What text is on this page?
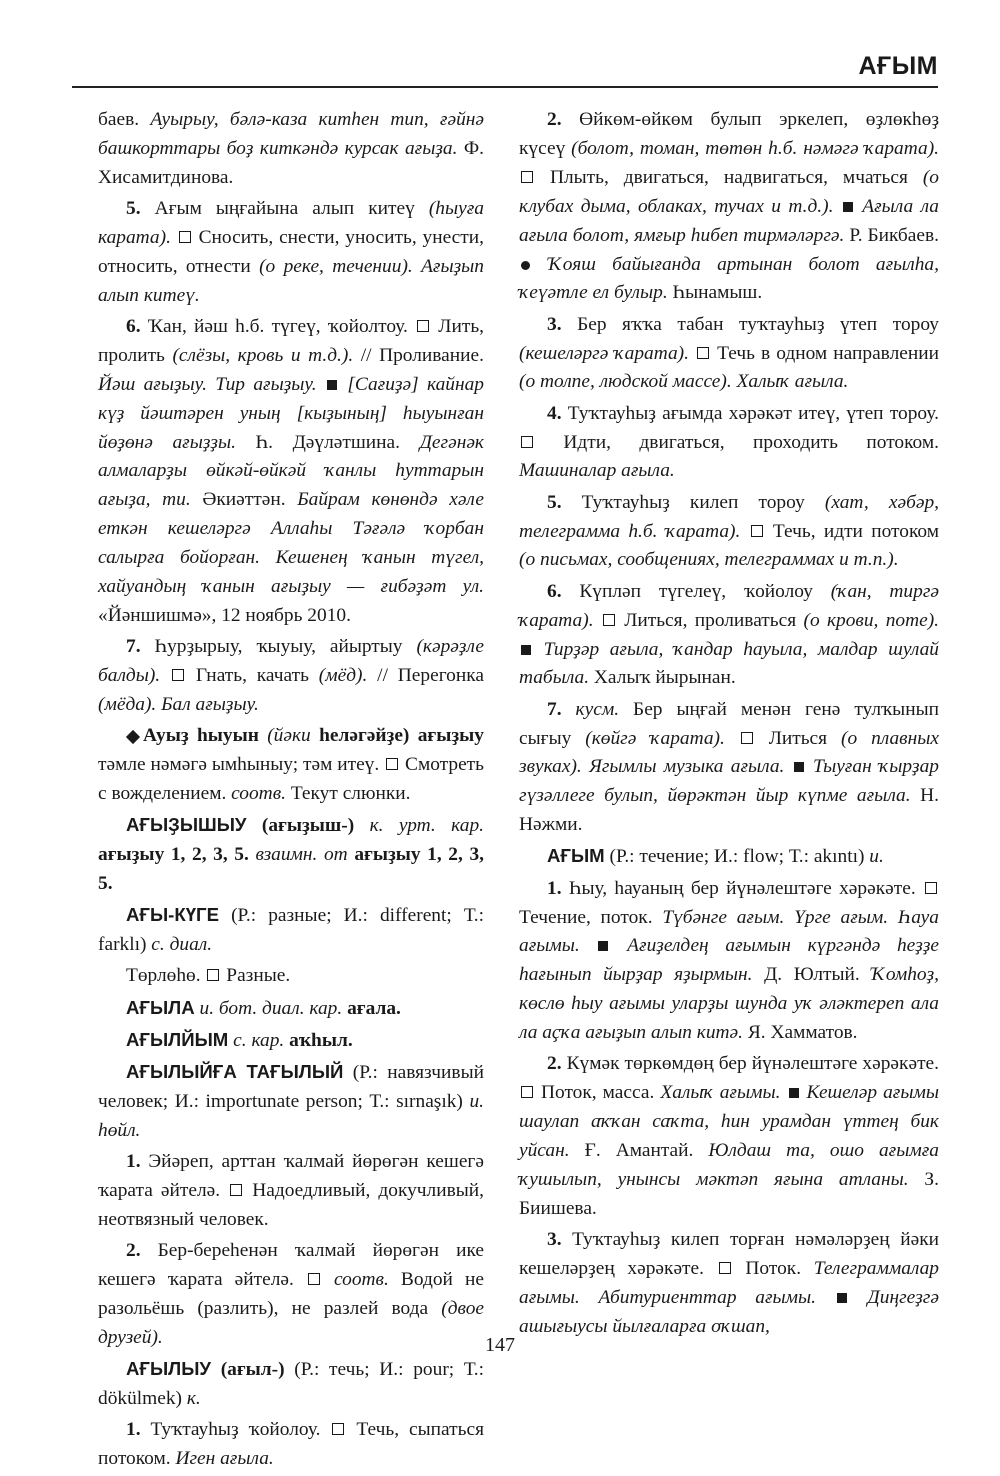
АҒЫМ

баев. Ауырыу, бәлә-каза китһен тип, ғәйнә башкорттары боҙ киткәндә курсак ағыҙа. Ф. Хисамитдинова.

5. Ағым ыңғайына алып китеү (һыуға карата).  Сносить, снести, уносить, унести, относить, отнести (о реке, течении). Ағыҙып алып китеү.

6. Ҡан, йәш һ.б. түгеү, ҡойолтоу.  Лить, пролить (слёзы, кровь и т.д.). // Проливание. Йәш ағыҙыу. Тир ағыҙыу. [Сағиҙә] кайнар күҙ йәштәрен уның [кыҙының] һыуынған йөҙөнә ағыҙҙы. Һ. Дәүләтшина. Дегәнәк алмаларҙы өйкәй-өйкәй ҡанлы һуттарын ағыҙа, ти. Әкиәттән. Байрам көнөндә хәле еткән кешеләргә Аллаһы Тәғәлә ҡорбан салырға бойорған. Кешенең ҡанын түгел, хайуандың ҡанын ағыҙыу — ғибәҙәт ул. «Йәншишмә», 12 ноябрь 2010.

7. Һурҙырыу, ҡыуыу, айыртыу (кәрәҙле балды).  Гнать, качать (мёд). // Перегонка (мёда). Бал ағыҙыу.

Ауыҙ һыуын (йәки һеләгәйҙе) ағыҙыу тәмле нәмәгә ымһыныу; тәм итеү.  Смотреть с вожделением. соотв. Текут слюнки.

АҒЫҘЫШЫУ (ағыҙыш-) к. урт. кар. ағыҙыу 1, 2, 3, 5. взаимн. от ағыҙыу 1, 2, 3, 5.

АҒЫ-КҮГЕ (Р.: разные; И.: different; Т.: farklı) с. диал.

Төрлөһө.  Разные.

АҒЫЛА и. бот. диал. кар. ағала.

АҒЫЛЙЫМ с. кар. аҡһыл.

АҒЫЛЫЙҒА ТАҒЫЛЫЙ (Р.: навязчивый человек; И.: importunate person; Т.: sırnaşık) и. һөйл.

1. Эйәреп, арттан ҡалмай йөрөгән кешегә ҡарата әйтелә.  Надоедливый, докучливый, неотвязный человек.

2. Бер-береһенән ҡалмай йөрөгән ике кешегә ҡарата әйтелә.  соотв. Водой не разольёшь (разлить), не разлей вода (двое друзей).

АҒЫЛЫУ (ағыл-) (Р.: течь; И.: pour; Т.: dökülmek) к.

1. Туҡтауһыҙ ҡойолоу.  Течь, сыпаться потоком. Иген ағыла.

2. Өйкөм-өйкөм булып эркелеп, өҙлөкһөҙ күсеү (болот, томан, төтөн һ.б. нәмәгә ҡарата).  Плыть, двигаться, надвигаться, мчаться (о клубах дыма, облаках, тучах и т.д.). Ағыла ла ағыла болот, ямғыр һибеп тирмәләргә. Р. Бикбаев.  Ҡояш байығанда артынан болот ағылһа, ҡеүәтле ел булыр. Һынамыш.

3. Бер яҡҡа табан туҡтауһыҙ үтеп тороу (кешеләргә ҡарата).  Течь в одном направлении (о толпе, людской массе). Халыҡ ағыла.

4. Туҡтауһыҙ ағымда хәрәкәт итеү, үтеп тороу.  Идти, двигаться, проходить потоком. Машиналар ағыла.

5. Туҡтауһыҙ килеп тороу (хат, хәбәр, телеграмма һ.б. ҡарата).  Течь, идти потоком (о письмах, сообщениях, телеграммах и т.п.).

6. Күпләп түгелеү, ҡойолоу (ҡан, тиргә ҡарата).  Литься, проливаться (о крови, поте).  Тирҙәр ағыла, ҡандар һауыла, малдар шулай табыла. Халыҡ йырынан.

7. кусм. Бер ыңғай менән генә тулҡынып сығыу (көйгә ҡарата).  Литься (о плавных звуках). Ягымлы музыка ағыла. Тыуған ҡырҙар гүзәллеге булып, йөрәктән йыр күпме ағыла. Н. Нәжми.

АҒЫМ (Р.: течение; И.: flow; Т.: akıntı) и.

1. Һыу, һауаның бер йүнәлештәге хәрәкәте.  Течение, поток. Түбәнге ағым. Үрге ағым. Һауа ағымы. Ағиҙелдең ағымын күргәндә һеҙҙе һағынып йырҙар яҙырмын. Д. Юлтый. Ҡомһоҙ, көслө һыу ағымы уларҙы шунда уҡ әләктереп ала ла аҫҡа ағыҙып алып китә. Я. Хамматов.

2. Күмәк төркөмдөң бер йүнәлештәге хәрәкәте.  Поток, масса. Халыҡ ағымы. Кешеләр ағымы шаулап аҡҡан саҡта, һин урамдан үттең бик уйсан. Ғ. Амантай. Юлдаш та, ошо ағымға ҡушылып, унынсы мәктәп яғына атланы. З. Биишева.

3. Туҡтауһыҙ килеп торған нәмәләрҙең йәки кешеләрҙең хәрәкәте.  Поток. Телеграммалар ағымы. Абитуриенттар ағымы.	Диңгеҙгә ашығыусы йылғаларға оҡшап,

147
